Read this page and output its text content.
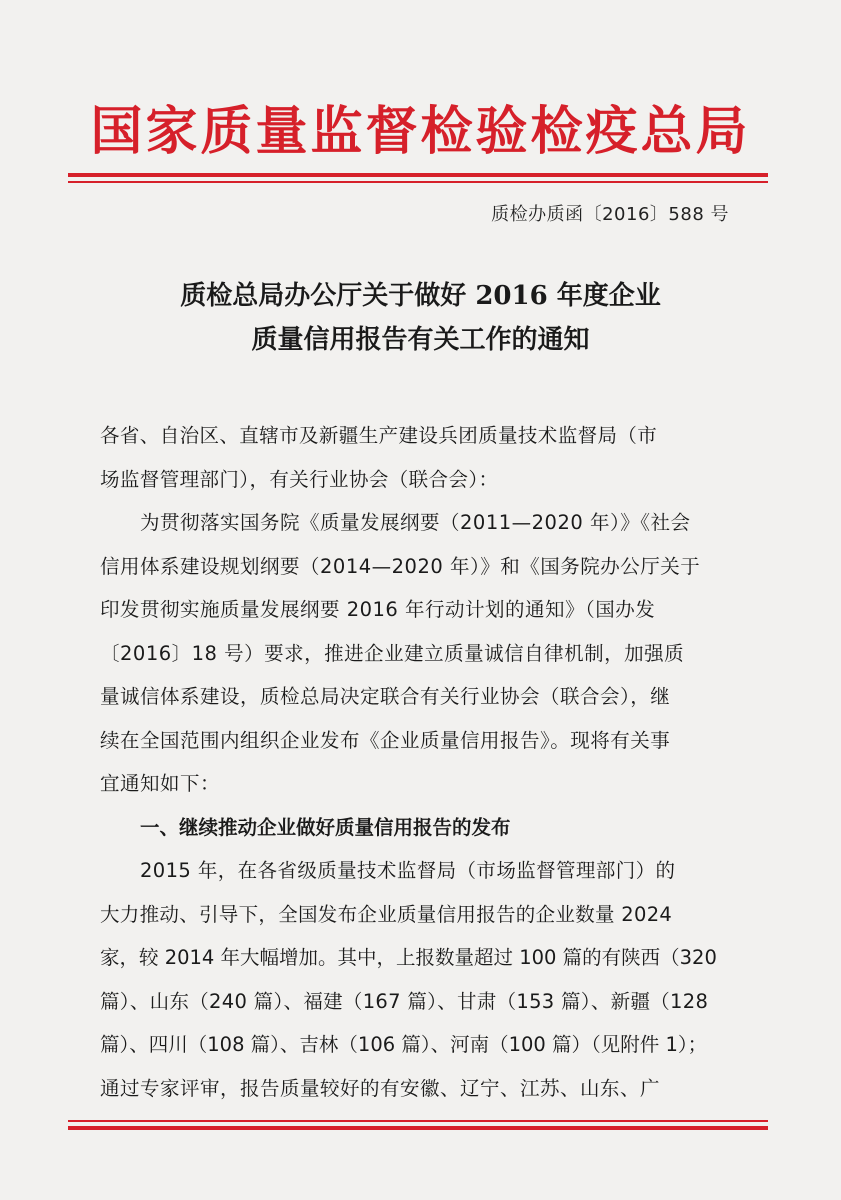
国家质量监督检验检疫总局
质检办质函〔2016〕588 号
质检总局办公厅关于做好 2016 年度企业
质量信用报告有关工作的通知
各省、自治区、直辖市及新疆生产建设兵团质量技术监督局（市
场监督管理部门），有关行业协会（联合会）：
为贯彻落实国务院《质量发展纲要（2011—2020 年）》《社会
信用体系建设规划纲要（2014—2020 年）》和《国务院办公厅关于
印发贯彻实施质量发展纲要 2016 年行动计划的通知》（国办发
〔2016〕18 号）要求，推进企业建立质量诚信自律机制，加强质
量诚信体系建设，质检总局决定联合有关行业协会（联合会），继
续在全国范围内组织企业发布《企业质量信用报告》。现将有关事
宜通知如下：
一、继续推动企业做好质量信用报告的发布
2015 年，在各省级质量技术监督局（市场监督管理部门）的
大力推动、引导下，全国发布企业质量信用报告的企业数量 2024
家，较 2014 年大幅增加。其中，上报数量超过 100 篇的有陕西（320
篇）、山东（240 篇）、福建（167 篇）、甘肃（153 篇）、新疆（128
篇）、四川（108 篇）、吉林（106 篇）、河南（100 篇）（见附件 1）；
通过专家评审，报告质量较好的有安徽、辽宁、江苏、山东、广
